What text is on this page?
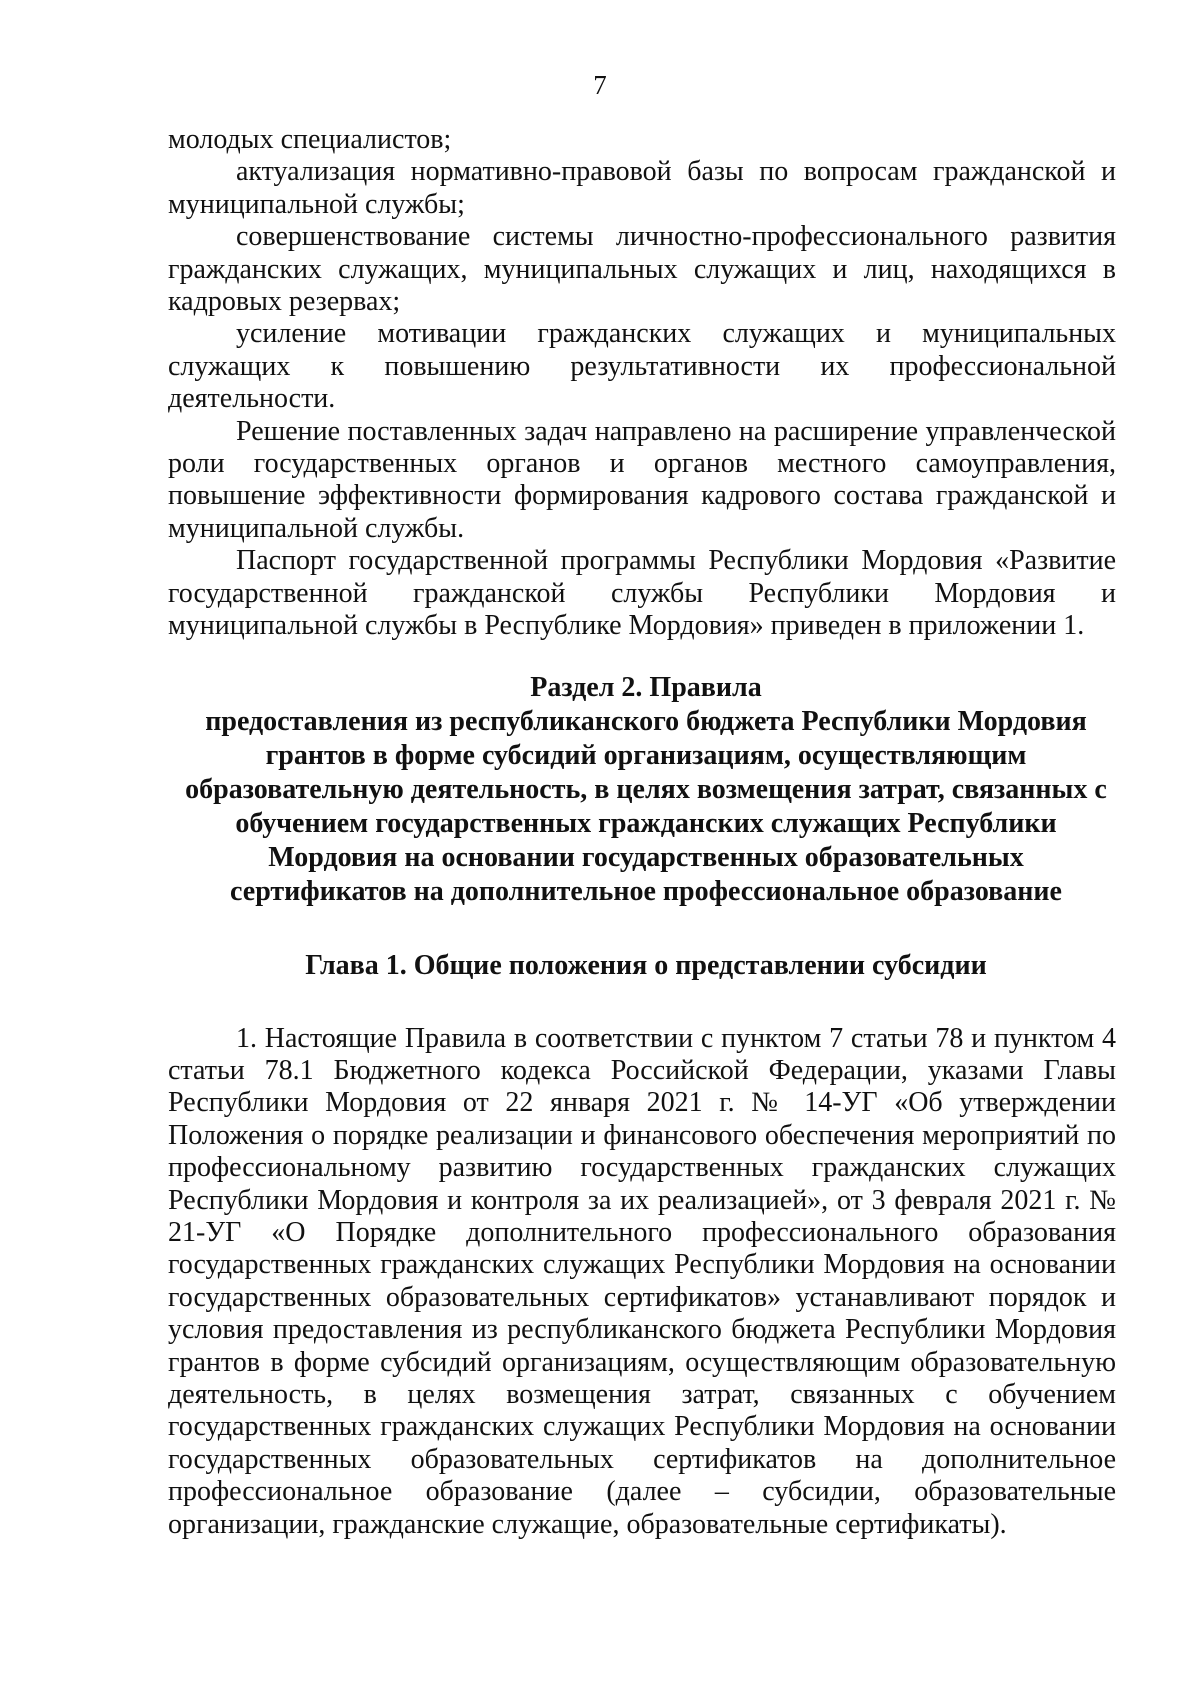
7

молодых специалистов;

актуализация нормативно-правовой базы по вопросам гражданской и муниципальной службы;

совершенствование системы личностно-профессионального развития гражданских служащих, муниципальных служащих и лиц, находящихся в кадровых резервах;

усиление мотивации гражданских служащих и муниципальных служащих к повышению результативности их профессиональной деятельности.

Решение поставленных задач направлено на расширение управленческой роли государственных органов и органов местного самоуправления, повышение эффективности формирования кадрового состава гражданской и муниципальной службы.

Паспорт государственной программы Республики Мордовия «Развитие государственной гражданской службы Республики Мордовия и муниципальной службы в Республике Мордовия» приведен в приложении 1.

Раздел 2. Правила

предоставления из республиканского бюджета Республики Мордовия

грантов в форме субсидий организациям, осуществляющим

образовательную деятельность, в целях возмещения затрат, связанных с

обучением государственных гражданских служащих Республики

Мордовия на основании государственных образовательных

сертификатов на дополнительное профессиональное образование

Глава 1. Общие положения о представлении субсидии

1. Настоящие Правила в соответствии с пунктом 7 статьи 78 и пунктом 4 статьи 78.1 Бюджетного кодекса Российской Федерации, указами Главы Республики Мордовия от 22 января 2021 г. № 14-УГ «Об утверждении Положения о порядке реализации и финансового обеспечения мероприятий по профессиональному развитию государственных гражданских служащих Республики Мордовия и контроля за их реализацией», от 3 февраля 2021 г. № 21-УГ «О Порядке дополнительного профессионального образования государственных гражданских служащих Республики Мордовия на основании государственных образовательных сертификатов» устанавливают порядок и условия предоставления из республиканского бюджета Республики Мордовия грантов в форме субсидий организациям, осуществляющим образовательную деятельность, в целях возмещения затрат, связанных с обучением государственных гражданских служащих Республики Мордовия на основании государственных образовательных сертификатов на дополнительное профессиональное образование (далее – субсидии, образовательные организации, гражданские служащие, образовательные сертификаты).
